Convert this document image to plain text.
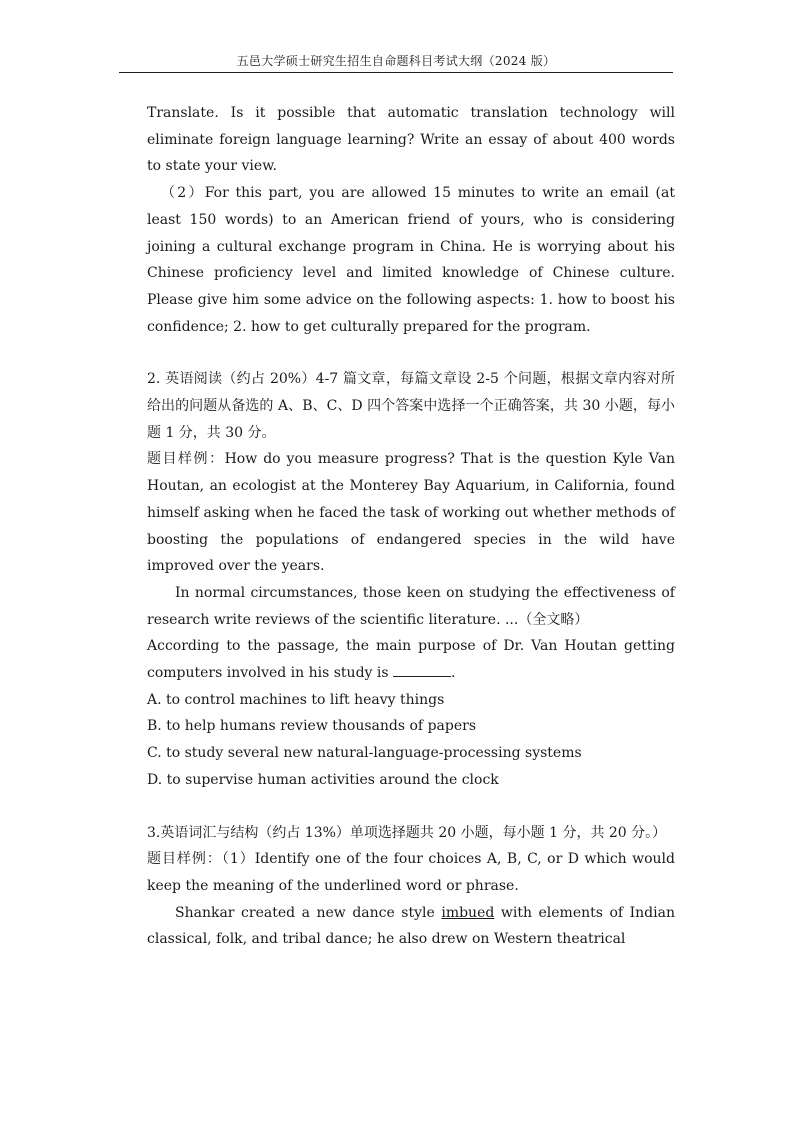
五邑大学硕士研究生招生自命题科目考试大纲（2024 版）

Translate. Is it possible that automatic translation technology will eliminate foreign language learning? Write an essay of about 400 words to state your view.

（2）For this part, you are allowed 15 minutes to write an email (at least 150 words) to an American friend of yours, who is considering joining a cultural exchange program in China. He is worrying about his Chinese proficiency level and limited knowledge of Chinese culture. Please give him some advice on the following aspects: 1. how to boost his confidence; 2. how to get culturally prepared for the program.

2. 英语阅读（约占 20%）4-7 篇文章，每篇文章设 2-5 个问题，根据文章内容对所给出的问题从备选的 A、B、C、D 四个答案中选择一个正确答案，共 30 小题，每小题 1 分，共 30 分。

题目样例：How do you measure progress? That is the question Kyle Van Houtan, an ecologist at the Monterey Bay Aquarium, in California, found himself asking when he faced the task of working out whether methods of boosting the populations of endangered species in the wild have improved over the years.

In normal circumstances, those keen on studying the effectiveness of research write reviews of the scientific literature. ...（全文略）

According to the passage, the main purpose of Dr. Van Houtan getting computers involved in his study is	.

A. to control machines to lift heavy things

B. to help humans review thousands of papers

C. to study several new natural-language-processing systems

D. to supervise human activities around the clock

3.英语词汇与结构（约占 13%）单项选择题共 20 小题，每小题 1 分，共 20 分。）

题目样例：（1）Identify one of the four choices A, B, C, or D which would keep the meaning of the underlined word or phrase.

Shankar created a new dance style imbued with elements of Indian classical, folk, and tribal dance; he also drew on Western theatrical
